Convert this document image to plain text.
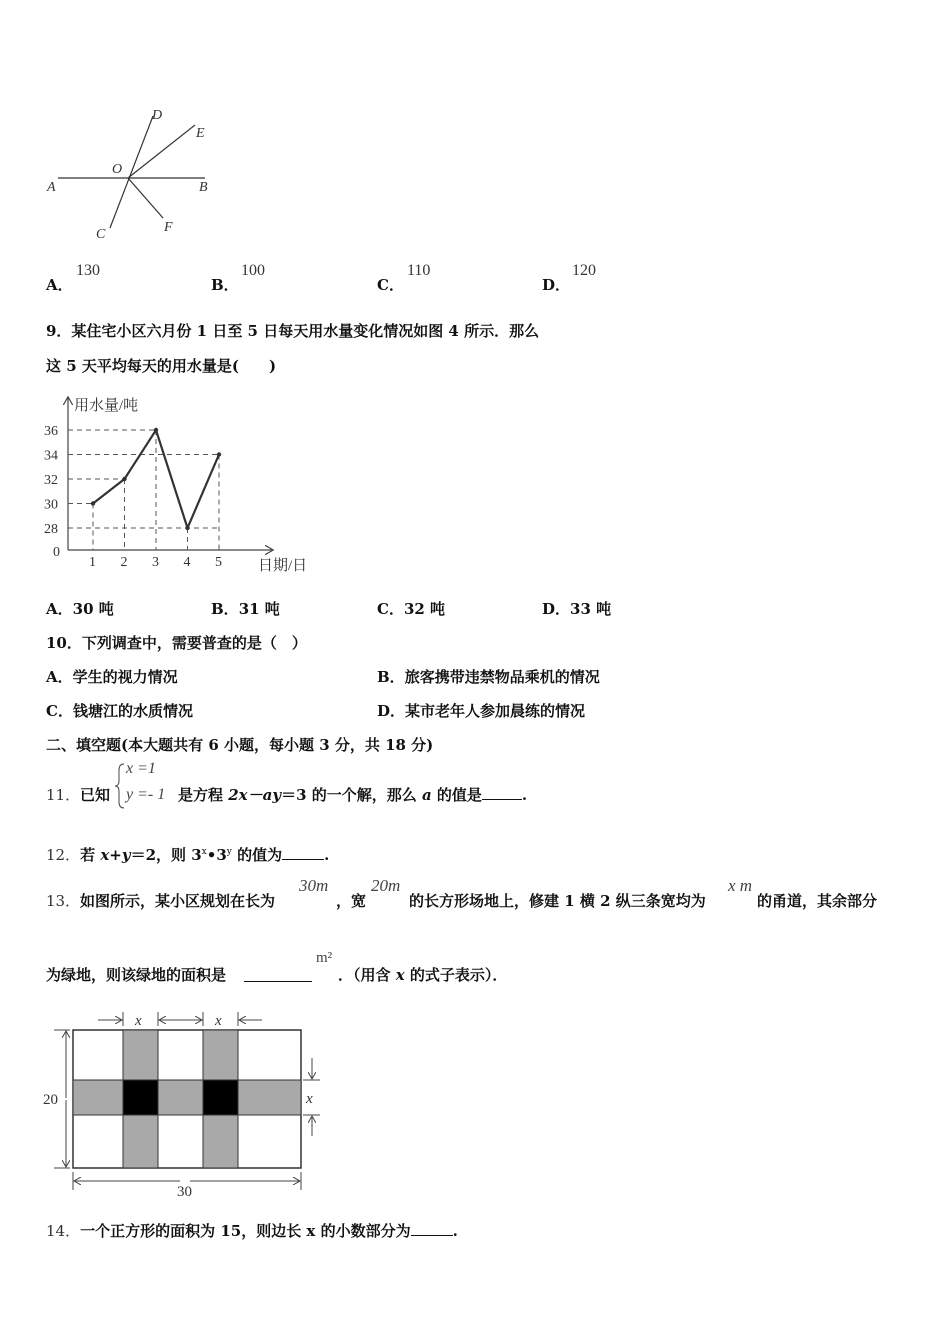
A	B
C
D
E
F
O
A．
130
B．
100
C．
110
D．
120
9．某住宅小区六月份 1 日至 5 日每天用水量变化情况如图 4 所示．那么
这 5 天平均每天的用水量是(　　)
用水量/吨
日期/日
0
36
34
32
30
28
1 2 3 4 5
A．30 吨	B．31 吨	C．32 吨	D．33 吨
10．下列调查中，需要普查的是（　）
A．学生的视力情况	B．旅客携带违禁物品乘机的情况
C．钱塘江的水质情况	D．某市老年人参加晨练的情况
二、填空题(本大题共有 6 小题，每小题 3 分，共 18 分)
11． 已知
x =1
y =- 1 是方程 2x－ay＝3 的一个解，那么 a 的值是	.
12．若 x+y＝2，则 3$^x$•3$^y$ 的值为	.
13． 如图所示，某小区规划在长为
30m
，宽
20m
的长方形场地上，修建 1 横 2 纵三条宽均为
x m
的甬道，其余部分
为绿地，则该绿地的面积是
m²
．（用含 x 的式子表示）．
x	x
x
20
30
14．一个正方形的面积为 15，则边长 x 的小数部分为	.
